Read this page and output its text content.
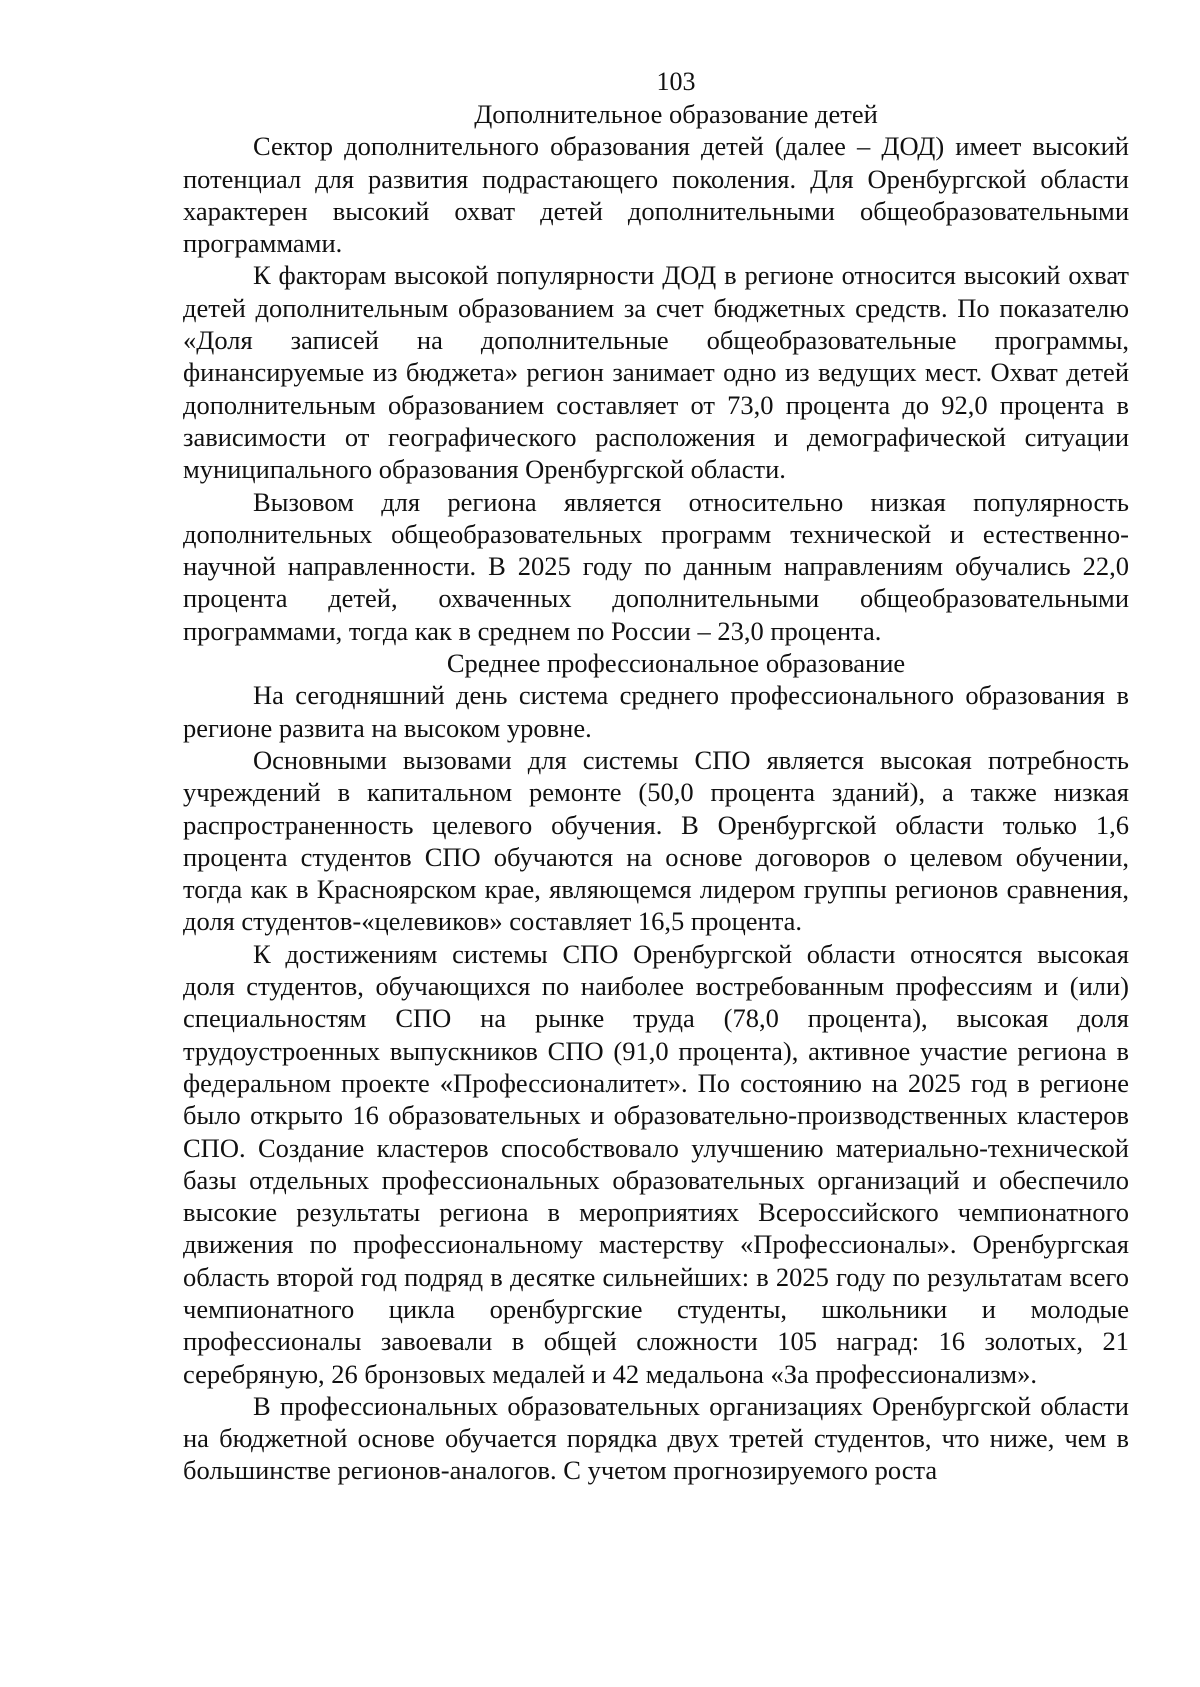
103
Дополнительное образование детей

Сектор дополнительного образования детей (далее – ДОД) имеет высокий потенциал для развития подрастающего поколения. Для Оренбургской области характерен высокий охват детей дополнительными общеобразовательными программами.

К факторам высокой популярности ДОД в регионе относится высокий охват детей дополнительным образованием за счет бюджетных средств. По показателю «Доля записей на дополнительные общеобразовательные программы, финансируемые из бюджета» регион занимает одно из ведущих мест. Охват детей дополнительным образованием составляет от 73,0 процента до 92,0 процента в зависимости от географического расположения и демографической ситуации муниципального образования Оренбургской области.

Вызовом для региона является относительно низкая популярность дополнительных общеобразовательных программ технической и естественно-научной направленности. В 2025 году по данным направлениям обучались 22,0 процента детей, охваченных дополнительными общеобразовательными программами, тогда как в среднем по России – 23,0 процента.

Среднее профессиональное образование

На сегодняшний день система среднего профессионального образования в регионе развита на высоком уровне.

Основными вызовами для системы СПО является высокая потребность учреждений в капитальном ремонте (50,0 процента зданий), а также низкая распространенность целевого обучения. В Оренбургской области только 1,6 процента студентов СПО обучаются на основе договоров о целевом обучении, тогда как в Красноярском крае, являющемся лидером группы регионов сравнения, доля студентов-«целевиков» составляет 16,5 процента.

К достижениям системы СПО Оренбургской области относятся высокая доля студентов, обучающихся по наиболее востребованным профессиям и (или) специальностям СПО на рынке труда (78,0 процента), высокая доля трудоустроенных выпускников СПО (91,0 процента), активное участие региона в федеральном проекте «Профессионалитет». По состоянию на 2025 год в регионе было открыто 16 образовательных и образовательно-производственных кластеров СПО. Создание кластеров способствовало улучшению материально-технической базы отдельных профессиональных образовательных организаций и обеспечило высокие результаты региона в мероприятиях Всероссийского чемпионатного движения по профессиональному мастерству «Профессионалы». Оренбургская область второй год подряд в десятке сильнейших: в 2025 году по результатам всего чемпионатного цикла оренбургские студенты, школьники и молодые профессионалы завоевали в общей сложности 105 наград: 16 золотых, 21 серебряную, 26 бронзовых медалей и 42 медальона «За профессионализм».

В профессиональных образовательных организациях Оренбургской области на бюджетной основе обучается порядка двух третей студентов, что ниже, чем в большинстве регионов-аналогов. С учетом прогнозируемого роста
